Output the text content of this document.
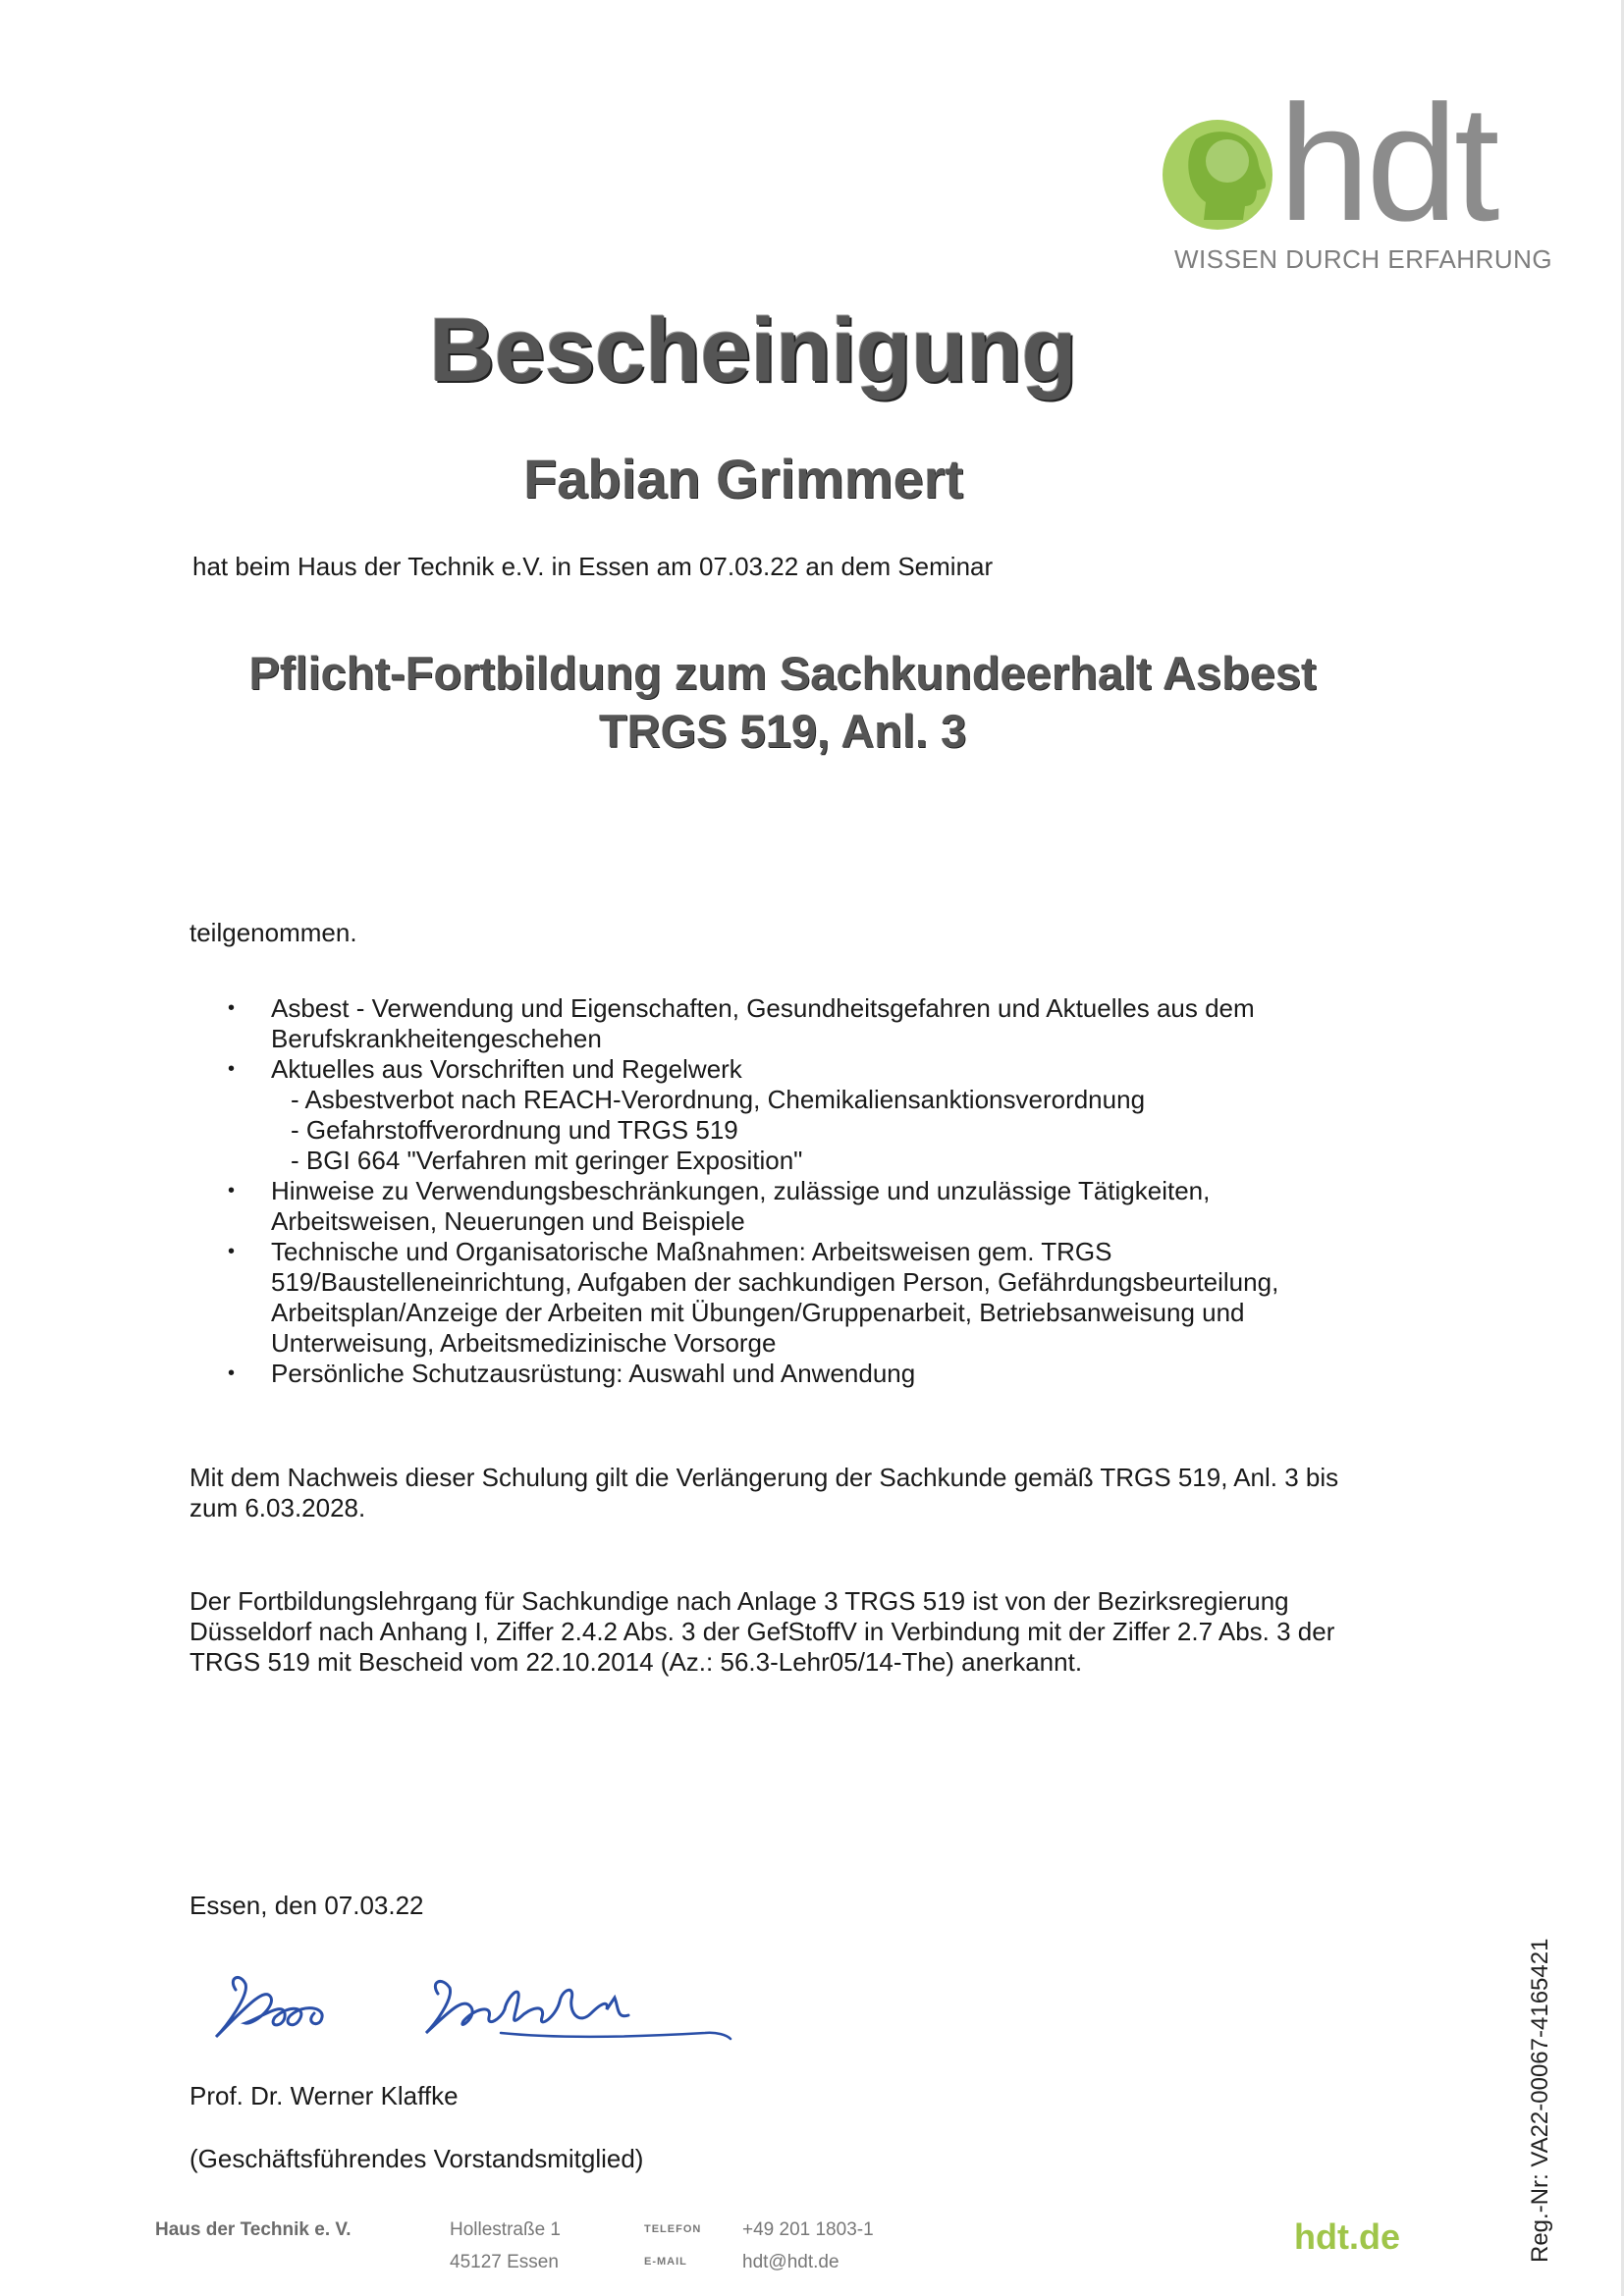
hdt
WISSEN DURCH ERFAHRUNG
Bescheinigung
Fabian Grimmert
hat beim Haus der Technik e.V. in Essen am 07.03.22 an dem Seminar
Pflicht-Fortbildung zum Sachkundeerhalt Asbest
TRGS 519, Anl. 3
teilgenommen.
• Asbest - Verwendung und Eigenschaften, Gesundheitsgefahren und Aktuelles aus dem
Berufskrankheitengeschehen
• Aktuelles aus Vorschriften und Regelwerk
- Asbestverbot nach REACH-Verordnung, Chemikaliensanktionsverordnung
- Gefahrstoffverordnung und TRGS 519
- BGI 664 "Verfahren mit geringer Exposition"
• Hinweise zu Verwendungsbeschränkungen, zulässige und unzulässige Tätigkeiten,
Arbeitsweisen, Neuerungen und Beispiele
• Technische und Organisatorische Maßnahmen: Arbeitsweisen gem. TRGS
519/Baustelleneinrichtung, Aufgaben der sachkundigen Person, Gefährdungsbeurteilung,
Arbeitsplan/Anzeige der Arbeiten mit Übungen/Gruppenarbeit, Betriebsanweisung und
Unterweisung, Arbeitsmedizinische Vorsorge
• Persönliche Schutzausrüstung: Auswahl und Anwendung
Mit dem Nachweis dieser Schulung gilt die Verlängerung der Sachkunde gemäß TRGS 519, Anl. 3 bis
zum 6.03.2028.
Der Fortbildungslehrgang für Sachkundige nach Anlage 3 TRGS 519 ist von der Bezirksregierung
Düsseldorf nach Anhang I, Ziffer 2.4.2 Abs. 3 der GefStoffV in Verbindung mit der Ziffer 2.7 Abs. 3 der
TRGS 519 mit Bescheid vom 22.10.2014 (Az.: 56.3-Lehr05/14-The) anerkannt.
Essen, den 07.03.22
Prof. Dr. Werner Klaffke
(Geschäftsführendes Vorstandsmitglied)	Reg.-Nr: VA22-00067-4165421
Haus der Technik e. V.	Hollestraße 1
45127 Essen
TELEFON
E-MAIL
+49 201 1803-1
hdt@hdt.de
hdt.de
